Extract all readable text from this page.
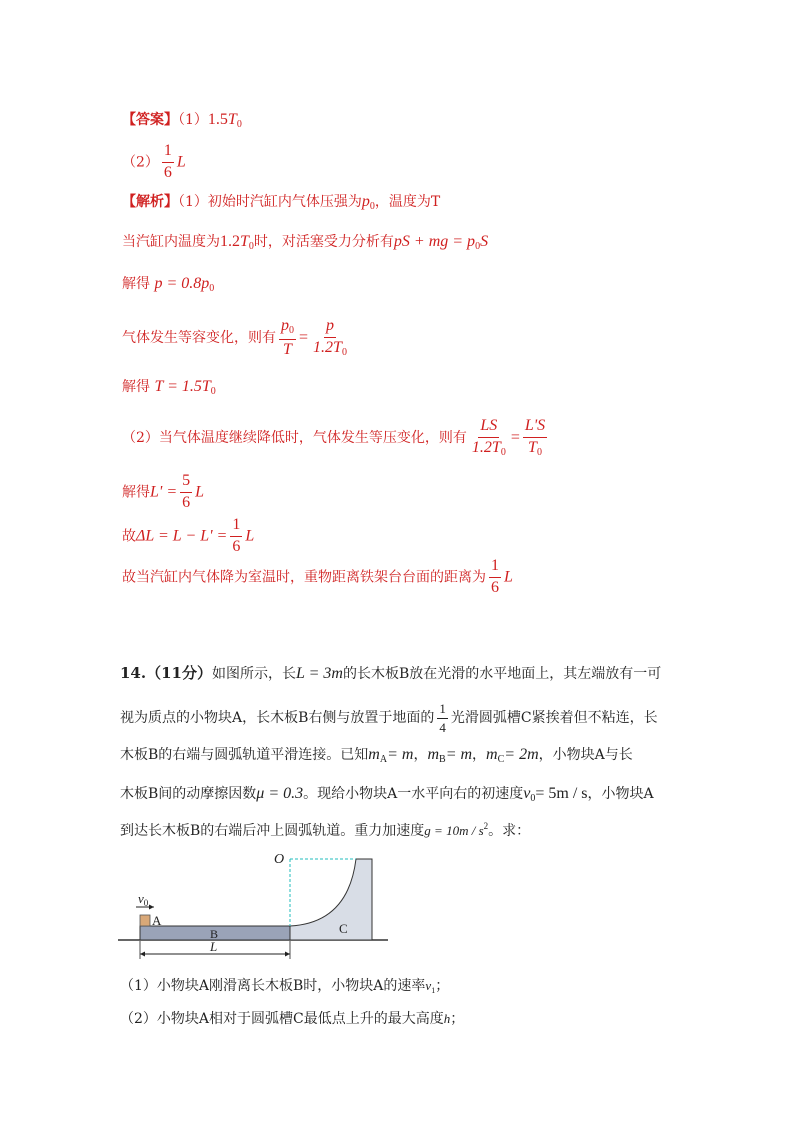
【答案】$(1)1.5T_0$
$(2) \frac{1}{6}$ L
【解析】（1）初始时汽缸内气体压强为$p_0$，温度为T
当汽缸内温度为$1.2T_0$时，对活塞受力分析有pS + mg = $p_0S$
解得 $p = 0.8p_0$
气体发生等容变化，则有 $\frac{p_0}{T} = \frac{p}{1.2T_0}$
解得 $T = 1.5T_0$
（2）当气体温度继续降低时，气体发生等压变化，则有 $\frac{LS}{1.2T_0} = \frac{L'S}{T_0}$
解得$L' = \frac{5}{6}$ L
故$\Delta L = L - L' = \frac{1}{6}$ L
故当汽缸内气体降为室温时，重物距离铁架台台面的距离为 $\frac{1}{6}$ L
14.（11分）如图所示，长L = 3m的长木板B放在光滑的水平地面上，其左端放有一可
视为质点的小物块A，长木板B右侧与放置于地面的 $\frac{1}{4}$ 光滑圆弧槽C紧挨着但不粘连，长
木板B的右端与圆弧轨道平滑连接。已知$m_A= m$，$m_B= m$，$m_C= 2m$，小物块A与长
木板B间的动摩擦因数μ = 0.3。现给小物块A一水平向右的初速度$v_0= 5m / s$，小物块A
到达长木板B的右端后冲上圆弧轨道。重力加速度$g = 10m / s^2$。求：
$v_0$
A
B	C
O
L
（1）小物块A刚滑离长木板B时，小物块A的速率$v_1$；
（2）小物块A相对于圆弧槽C最低点上升的最大高度h；
